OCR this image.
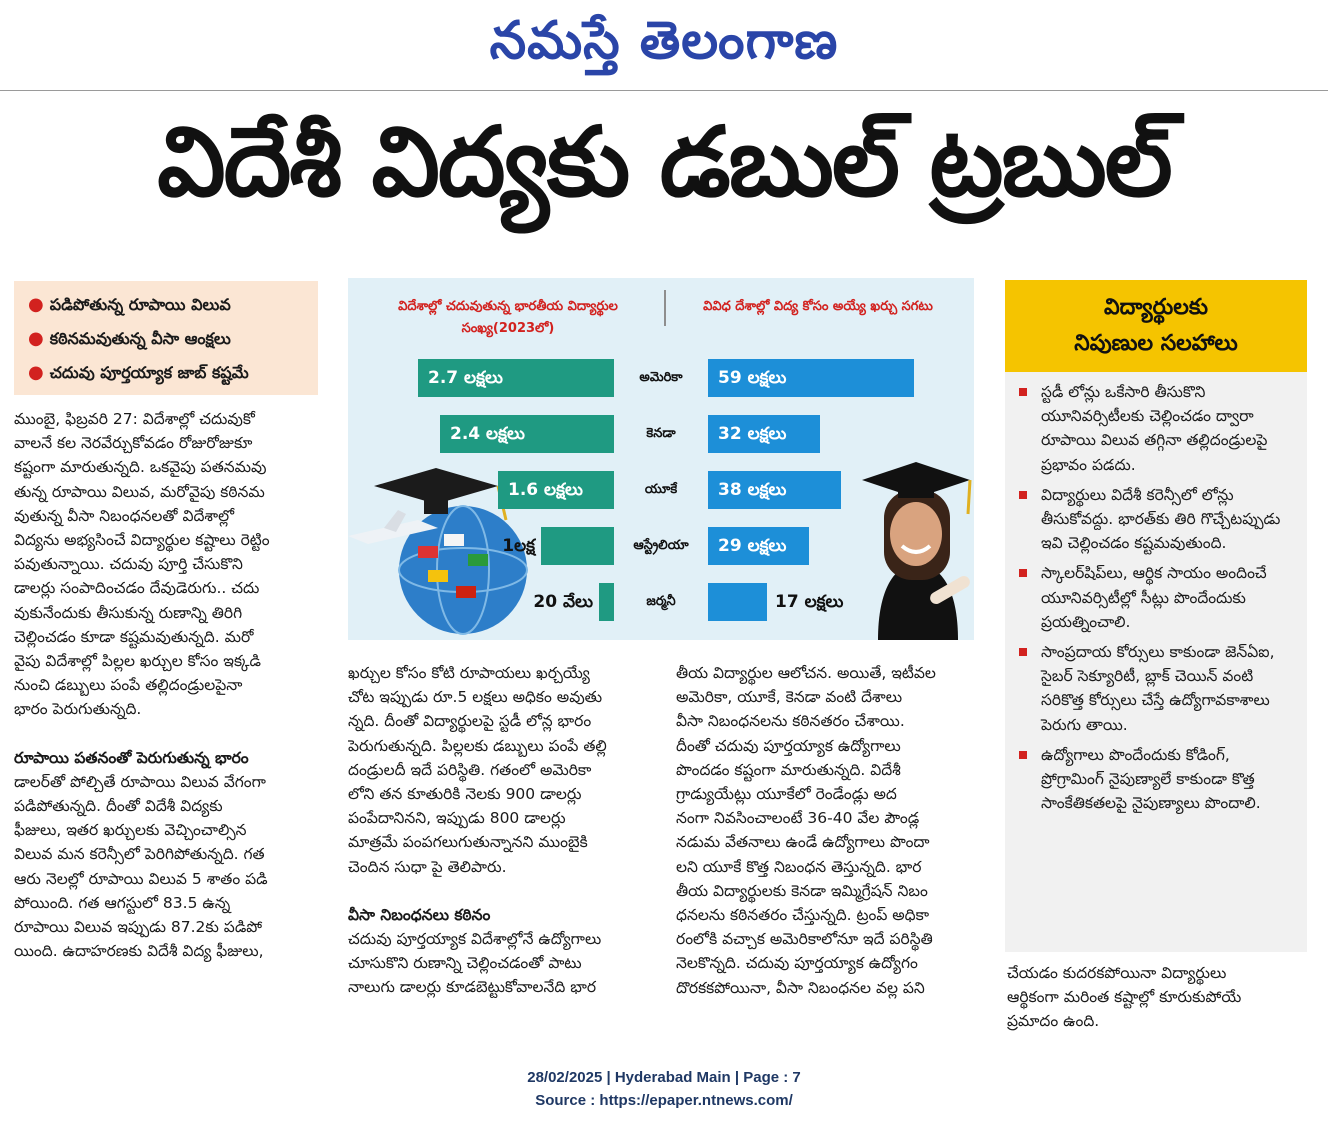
నమస్తే తెలంగాణ
విదేశీ విద్యకు డబుల్ ట్రబుల్
● పడిపోతున్న రూపాయి విలువ
● కఠినమవుతున్న వీసా ఆంక్షలు
● చదువు పూర్తయ్యాక జాబ్ కష్టమే

ముంబై, ఫిబ్రవరి 27: విదేశాల్లో చదువుకో

వాలనే కల నెరవేర్చుకోవడం రోజురోజుకూ

కష్టంగా మారుతున్నది. ఒకవైపు పతనమవు

తున్న రూపాయి విలువ, మరోవైపు కఠినమ

వుతున్న వీసా నిబంధనలతో విదేశాల్లో

విద్యను అభ్యసించే విద్యార్థుల కష్టాలు రెట్టిం

పవుతున్నాయి. చదువు పూర్తి చేసుకొని

డాలర్లు సంపాదించడం దేవుడెరుగు.. చదు

వుకునేందుకు తీసుకున్న రుణాన్ని తిరిగి

చెల్లించడం కూడా కష్టమవుతున్నది. మరో

వైపు విదేశాల్లో పిల్లల ఖర్చుల కోసం ఇక్కడి

నుంచి డబ్బులు పంపే తల్లిదండ్రులపైనా

భారం పెరుగుతున్నది.

రూపాయి పతనంతో పెరుగుతున్న భారం

డాలర్‌తో పోల్చితే రూపాయి విలువ వేగంగా

పడిపోతున్నది. దీంతో విదేశీ విద్యకు

ఫీజులు, ఇతర ఖర్చులకు వెచ్చించాల్సిన

విలువ మన కరెన్సీలో పెరిగిపోతున్నది. గత

ఆరు నెలల్లో రూపాయి విలువ 5 శాతం పడి

పోయింది. గత ఆగస్టులో 83.5 ఉన్న

రూపాయి విలువ ఇప్పుడు 87.2కు పడిపో

యింది. ఉదాహరణకు విదేశీ విద్య ఫీజులు,

విదేశాల్లో చదువుతున్న భారతీయ విద్యార్థుల సంఖ్య(2023లో)
వివిధ దేశాల్లో విద్య కోసం అయ్యే ఖర్చు సగటు
2.7 లక్షలు	అమెరికా	59 లక్షలు
2.4 లక్షలు	కెనడా	32 లక్షలు
1.6 లక్షలు	యూకే	38 లక్షలు
1లక్ష	ఆస్ట్రేలియా	29 లక్షలు
20 వేలు	జర్మనీ	17 లక్షలు

ఖర్చుల కోసం కోటి రూపాయలు ఖర్చయ్యే

చోట ఇప్పుడు రూ.5 లక్షలు అధికం అవుతు

న్నది. దీంతో విద్యార్థులపై స్టడీ లోన్ల భారం

పెరుగుతున్నది. పిల్లలకు డబ్బులు పంపే తల్లి

దండ్రులదీ ఇదే పరిస్థితి. గతంలో అమెరికా

లోని తన కూతురికి నెలకు 900 డాలర్లు

పంపేదానినని, ఇప్పుడు 800 డాలర్లు

మాత్రమే పంపగలుగుతున్నానని ముంబైకి

చెందిన సుధా పై తెలిపారు.

వీసా నిబంధనలు కఠినం

చదువు పూర్తయ్యాక విదేశాల్లోనే ఉద్యోగాలు

చూసుకొని రుణాన్ని చెల్లించడంతో పాటు

నాలుగు డాలర్లు కూడబెట్టుకోవాలనేది భార

తీయ విద్యార్థుల ఆలోచన. అయితే, ఇటీవల

అమెరికా, యూకే, కెనడా వంటి దేశాలు

వీసా నిబంధనలను కఠినతరం చేశాయి.

దీంతో చదువు పూర్తయ్యాక ఉద్యోగాలు

పొందడం కష్టంగా మారుతున్నది. విదేశీ

గ్రాడ్యుయేట్లు యూకేలో రెండేండ్లు అద

నంగా నివసించాలంటే 36-40 వేల పౌండ్ల

నడుమ వేతనాలు ఉండే ఉద్యోగాలు పొందా

లని యూకే కొత్త నిబంధన తెస్తున్నది. భార

తీయ విద్యార్థులకు కెనడా ఇమ్మిగ్రేషన్ నిబం

ధనలను కఠినతరం చేస్తున్నది. ట్రంప్ అధికా

రంలోకి వచ్చాక అమెరికాలోనూ ఇదే పరిస్థితి

నెలకొన్నది. చదువు పూర్తయ్యాక ఉద్యోగం

దొరకకపోయినా, వీసా నిబంధనల వల్ల పని

విద్యార్థులకు
నిపుణుల సలహాలు

స్టడీ లోన్లు ఒకేసారి తీసుకొని యూనివర్సిటీలకు చెల్లించడం ద్వారా రూపాయి విలువ తగ్గినా తల్లిదండ్రులపై ప్రభావం పడదు.

విద్యార్థులు విదేశీ కరెన్సీలో లోన్లు తీసుకోవద్దు. భారత్‌కు తిరి గొచ్చేటప్పుడు ఇవి చెల్లించడం కష్టమవుతుంది.

స్కాలర్‌షిప్‌లు, ఆర్థిక సాయం అందించే యూనివర్సిటీల్లో సీట్లు పొందేందుకు ప్రయత్నించాలి.

సాంప్రదాయ కోర్సులు కాకుండా జెన్‌ఏఐ, సైబర్ సెక్యూరిటీ, బ్లాక్ చెయిన్ వంటి సరికొత్త కోర్సులు చేస్తే ఉద్యోగావకాశాలు పెరుగు తాయి.

ఉద్యోగాలు పొందేందుకు కోడింగ్, ప్రోగ్రామింగ్ నైపుణ్యాలే కాకుండా కొత్త సాంకేతికతలపై నైపుణ్యాలు పొందాలి.

చేయడం కుదరకపోయినా విద్యార్థులు

ఆర్థికంగా మరింత కష్టాల్లో కూరుకుపోయే

ప్రమాదం ఉంది.

28/02/2025 | Hyderabad Main | Page : 7
Source : https://epaper.ntnews.com/
